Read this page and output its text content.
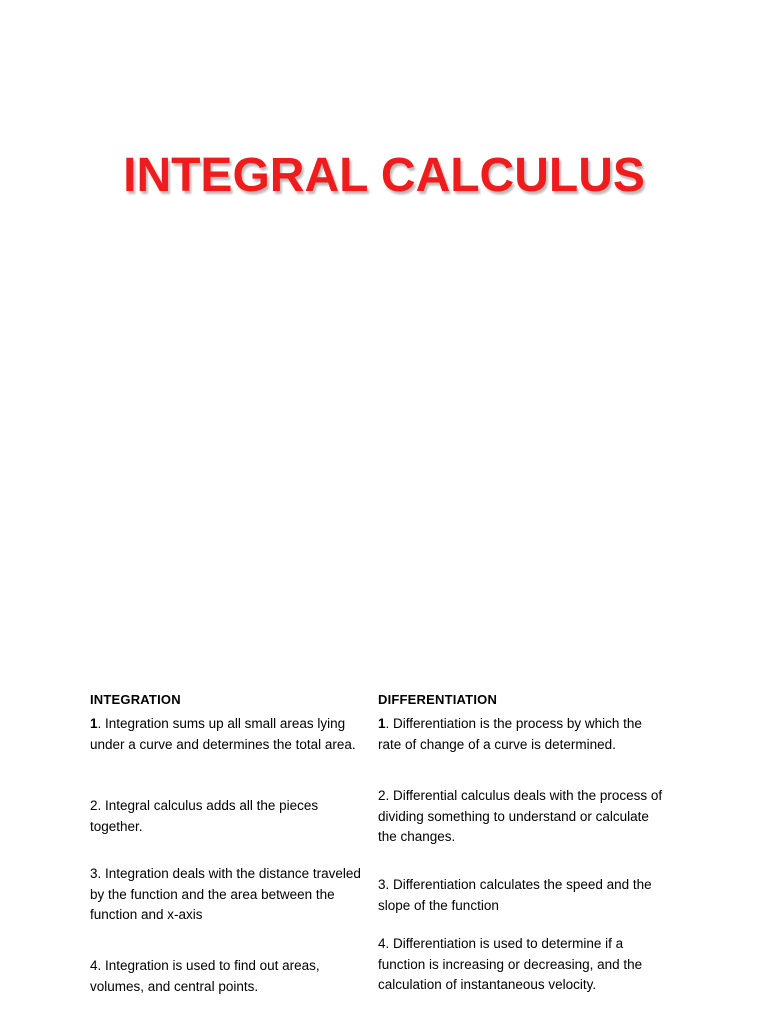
INTEGRAL CALCULUS
INTEGRATION
1. Integration sums up all small areas lying under a curve and determines the total area.
2. Integral calculus adds all the pieces together.
3. Integration deals with the distance traveled by the function and the area between the function and x-axis
4. Integration is used to find out areas, volumes, and central points.
DIFFERENTIATION
1. Differentiation is the process by which the rate of change of a curve is determined.
2. Differential calculus deals with the process of dividing something to understand or calculate the changes.
3. Differentiation calculates the speed and the slope of the function
4. Differentiation is used to determine if a function is increasing or decreasing, and the calculation of instantaneous velocity.
